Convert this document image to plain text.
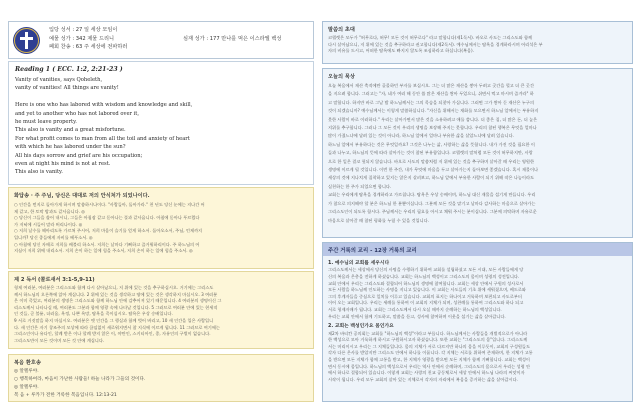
입당 성서 : 27 일 세상 모임이
예물 성가 : 342 제물 드리니
폐회 찬송 : 63 주 세상에 전파하러
심재 성가 : 177 만나를 먹은 이스라엘 백성
Reading 1 ( ECC. 1:2, 2:21-23 )
Vanity of vanities, says Qoheleth,
vanity of vanities! All things are vanity!

Here is one who has labored with wisdom and knowledge and skill,
and yet to another who has not labored over it,
he must leave property.
This also is vanity and a great misfortune.
For what profit comes to man from all the toil and anxiety of heart
with which he has labored under the sun?
All his days sorrow and grief are his occupation;
even at night his mind is not at rest.
This also is vanity.
화답송 · 주 주님, 당신은 대대로 저의 안식처가 되었나이다.
○ 인간을 먼지로 돌아가게 하시며 말씀하시나이다. "사람들아, 돌아가라." 천 년도 당신 눈에는 지나간 어
제 같고, 한 토막 밤과도 같사옵니다. ◎
○ 당신이 그들을 쓸어 내시니, 그들은 아침잠 같고 돋아나는 풀과 같사옵니다. 아침에 돋아나 푸르렀다
가 저녁에 시들어 말라 버리나이다. ◎
○ 저희 날수를 헤아리도록 가르쳐 주시어, 저희 마음이 슬기를 얻게 하소서. 돌아오소서, 주님, 언제까지
입니까? 당신 종들에게 자비를 베푸소서. ◎
○ 아침에 당신 자애로 저희를 배불리 하소서. 저희는 날마다 기뻐하고 즐거워하리이다. 주 하느님의 어
지심이 저희 위에 내리소서. 저희 손이 하는 일에 힘을 주소서, 저희 손이 하는 일에 힘을 주소서. ◎
제 2 독서 (콜로새서 3:1-5,9-11)
형제 여러분, 여러분은 그리스도와 함께 다시 살아났으니, 저 위에 있는 것을 추구하십시오. 거기에는 그리스도
께서 하느님의 오른쪽에 앉아 계십니다. 2 위에 있는 것을 생각하고 땅에 있는 것은 생각하지 마십시오. 3 여러분
은 이미 죽었고, 여러분의 생명은 그리스도와 함께 하느님 안에 감추어져 있기 때문입니다. 4 여러분의 생명이신 그
리스도께서 나타나실 때, 여러분도 그분과 함께 영광 속에 나타날 것입니다. 5 그러므로 여러분 안에 있는 현세적
인 것들, 곧 불륜, 더러움, 욕정, 나쁜 욕망, 탐욕을 죽이십시오. 탐욕은 우상 숭배입니다.
9 서로 거짓말을 하지 마십시오. 여러분은 옛 인간을 그 행실과 함께 벗어 버리고, 10 새 인간을 입은 사람입니
다. 새 인간은 자기 창조주의 모상에 따라 끊임없이 새로워지면서 참 지식에 이르게 됩니다. 11 그러므로 여기에는
그리스인이나 유다인, 할례 받은 이나 할례 받지 않은 이, 야만인, 스키티아인, 종, 자유인의 구별이 없습니다.
그리스도만이 모든 것이며 모든 것 안에 계십니다.
복음 환호송
◎ 알렐루야.
○ 행복하여라, 마음이 가난한 사람들! 하늘 나라가 그들의 것이다.
◎ 알렐루야.
복 음 + 루카가 전한 거룩한 복음입니다. 12:13-21
말씀의 초대
코헬렛은 모두가 "허무로다, 허무! 모든 것이 허무로다" 라고 말합니다(제1독서). 바오로 사도는 그리스도와 함께
다시 살아났으니, 저 위에 있는 것을 추구하라고 권고합니다(제2독서). 예수님께서는 탐욕을 경계하라시며 어리석은 부
자의 비유를 드시고, 어떠한 탐욕에도 빠지지 않도록 조심하라고 하십니다(복음).
오늘의 묵상
오늘 복음에서 재산 축적에만 골몰하던 부자를 보십시오. 그는 더 많은 재산을 쌓아 두려고 곳간을 헐고 더 큰 곳간
을 지으려 합니다. 그러고는 "자, 네가 여러 해 동안 쓸 많은 재산을 쌓아 두었으니, 쉬면서 먹고 마시며 즐겨라" 하
고 말합니다. 하지만 바로 그날 밤 하느님께서는 그의 목숨을 되찾아 가십니다. 그러면 그가 쌓아 둔 재산은 누구의
것이 되겠습니까? 예수님께서는 이렇게 말씀하십니다. "자신을 위해서는 재화를 모으면서 하느님 앞에서는 부유하지
못한 사람이 바로 이러하다." 우리는 살아가면서 많은 것을 소유하려고 애를 씁니다. 더 좋은 집, 더 많은 돈, 더 높은
지위를 추구합니다. 그러나 그 모든 것이 우리의 생명을 보장해 주지는 못합니다. 우리의 참된 행복은 무엇을 얼마나
많이 가졌느냐에 달려 있는 것이 아니라, 하느님 앞에서 얼마나 부유한 삶을 살았느냐에 달려 있습니다.
하느님 앞에서 부유하다는 것은 무엇일까요? 그것은 나누는 삶, 사랑하는 삶을 뜻합니다. 내가 가진 것을 필요한 이
들과 나누고, 하느님의 뜻에 따라 살아가는 것이 참된 부유함입니다. 코헬렛의 말처럼 모든 것이 허무하지만, 사랑
으로 한 일은 결코 헛되지 않습니다. 바오로 사도의 말씀처럼 저 위에 있는 것을 추구하며 살아갈 때 우리는 영원한
생명에 이르게 될 것입니다. 이번 한 주간, 내가 무엇에 마음을 두고 살아가는지 돌아보면 좋겠습니다. 혹시 재물이나
세상의 것에 지나치게 집착하고 있지는 않은지 살펴보고, 하느님 앞에서 부유한 사람이 되기 위해 작은 나눔이라도
실천하는 한 주가 되었으면 합니다.
교회는 우리에게 탐욕을 경계하라고 가르칩니다. 탐욕은 우상 숭배이며, 하느님 대신 재물을 섬기게 만듭니다. 우리
가 참으로 의지해야 할 분은 하느님 한 분뿐이십니다. 그분께 모든 것을 맡기고 날마다 감사하는 마음으로 살아가는
그리스도인이 되도록 합시다. 주님께서는 우리의 필요를 아시고 채워 주시는 분이십니다. 그분께 의탁하며 자유로운
마음으로 살아갈 때 참된 평화를 누릴 수 있을 것입니다.
주간 거룩의 교리 - 12장 거룩의 교리
1. 예수님의 교회를 세우시다
그리스도께서는 세상에서 당신의 사명을 수행하기 위하여 교회를 설립하셨고 모든 시대, 모든 사람들에게 당
신의 복음과 은총을 전하게 하셨습니다. 교회는 하느님의 백성이고 그리스도의 몸이며 성령의 성전입니다.
교회 안에서 우리는 그리스도와 결합되어 하느님의 생명에 참여합니다. 교회는 세상 안에서 구원의 성사로서
모든 사람을 하느님께 인도하는 사명을 지니고 있습니다. 이 교회는 사도들의 기초 위에 세워졌으며, 베드로와
그의 후계자들을 중심으로 일치를 이루고 있습니다. 교회의 표지는 하나이고 거룩하며 보편되고 사도로부터
이어 오는 교회입니다. 우리는 세례를 통하여 이 교회의 지체가 되며, 성찬례를 통하여 그리스도와 하나 되고
서로 형제자매가 됩니다. 교회는 그리스도께서 다시 오실 때까지 순례하는 하느님의 백성입니다.
우리는 교회 안에서 함께 기도하고, 말씀을 듣고, 성사에 참여하며 이웃을 섬기는 삶을 살아갑니다.
2. 교회는 백성인가요 몸인가요
제2차 바티칸 공의회는 교회를 "하느님의 백성"이라고 부릅니다. 하느님께서는 사람들을 개별적으로가 아니라
한 백성으로 모아 거룩하게 하시고 구원하시고자 하셨습니다. 또한 교회는 "그리스도의 몸"입니다. 그리스도께
서는 머리이시고 우리는 그 지체들입니다. 몸의 지체가 서로 다르지만 하나의 몸을 이루듯이, 교회의 구성원들도
각자 다른 은사를 받았지만 그리스도 안에서 하나를 이룹니다. 각 지체는 서로를 위하여 존재하며, 한 지체가 고통
을 받으면 모든 지체가 함께 고통을 받고, 한 지체가 영광을 받으면 모든 지체가 함께 기뻐합니다. 교회는 백성이
면서 동시에 몸입니다. 하느님의 백성으로서 우리는 역사 안에서 순례하며, 그리스도의 몸으로서 우리는 성령 안
에서 하나로 결합되어 있습니다. 이렇게 교회는 사랑의 친교 공동체로서 세상 안에서 하느님 나라의 씨앗이자
시작이 됩니다. 우리 모두 교회의 살아 있는 지체로서 각자의 자리에서 복음을 증거하는 삶을 살아갑시다.
